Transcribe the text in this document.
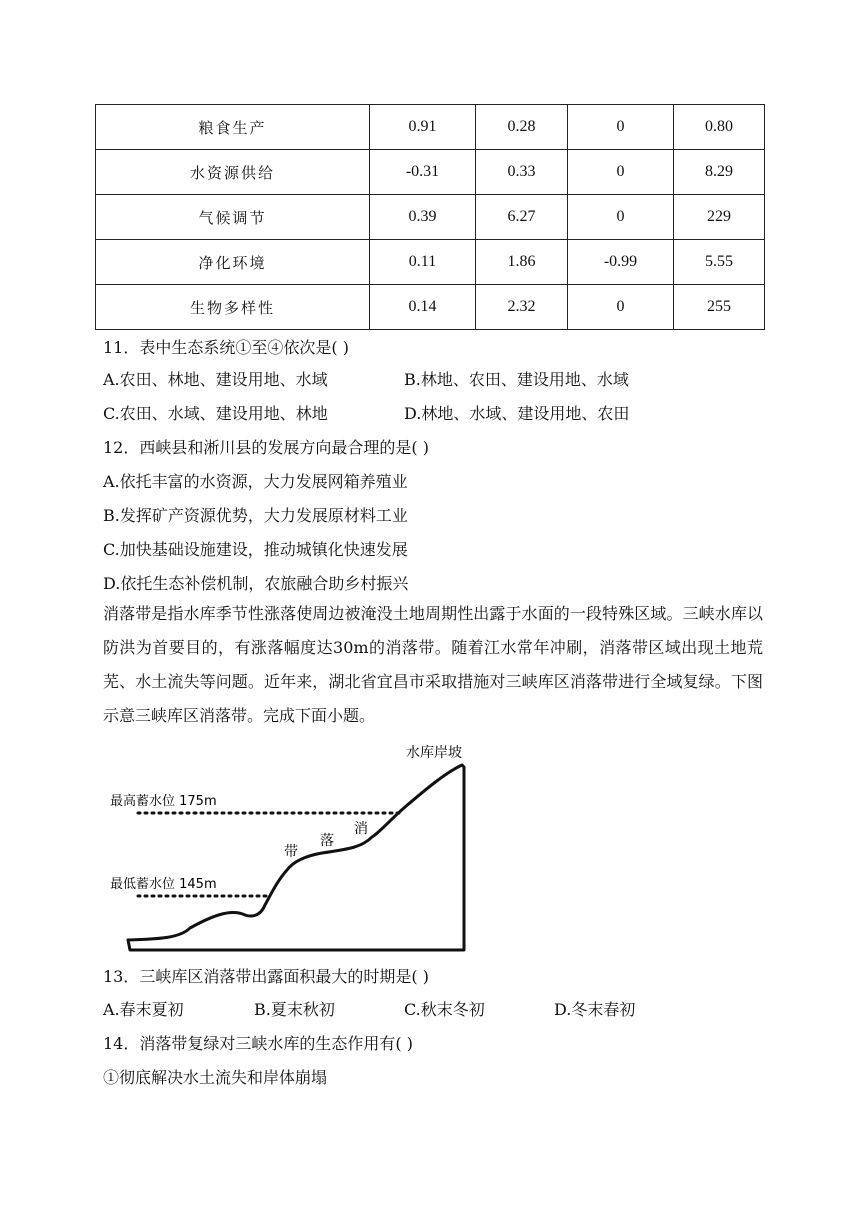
粮食生产	0.91	0.28	0	0.80
水资源供给	-0.31	0.33	0	8.29
气候调节	0.39	6.27	0	229
净化环境	0.11	1.86	-0.99	5.55
生物多样性	0.14	2.32	0	255
11．表中生态系统①至④依次是( )
A.农田、林地、建设用地、水域	B.林地、农田、建设用地、水域
C.农田、水域、建设用地、林地	D.林地、水域、建设用地、农田
12．西峡县和淅川县的发展方向最合理的是( )
A.依托丰富的水资源，大力发展网箱养殖业
B.发挥矿产资源优势，大力发展原材料工业
C.加快基础设施建设，推动城镇化快速发展
D.依托生态补偿机制，农旅融合助乡村振兴
消落带是指水库季节性涨落使周边被淹没土地周期性出露于水面的一段特殊区域。三峡水库以防洪为首要目的，有涨落幅度达30m的消落带。随着江水常年冲刷，消落带区域出现土地荒芜、水土流失等问题。近年来，湖北省宜昌市采取措施对三峡库区消落带进行全域复绿。下图示意三峡库区消落带。完成下面小题。
水库岸坡
最高蓄水位 175m
最低蓄水位 145m
带
落
消
13．三峡库区消落带出露面积最大的时期是( )
A.春末夏初	B.夏末秋初	C.秋末冬初	D.冬末春初
14．消落带复绿对三峡水库的生态作用有( )
①彻底解决水土流失和岸体崩塌
